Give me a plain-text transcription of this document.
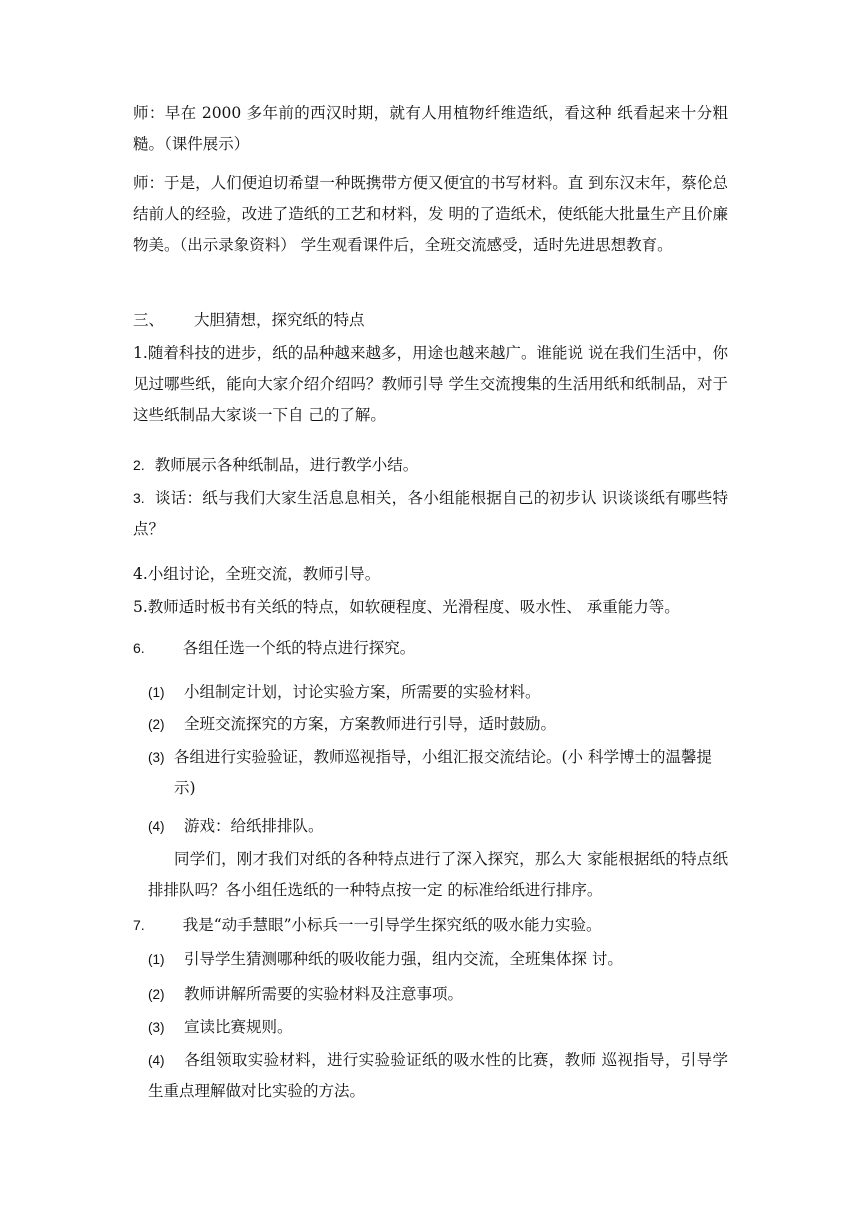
师：早在 2000 多年前的西汉时期，就有人用植物纤维造纸，看这种 纸看起来十分粗糙。（课件展示）

师：于是，人们便迫切希望一种既携带方便又便宜的书写材料。直 到东汉末年，蔡伦总结前人的经验，改进了造纸的工艺和材料，发 明的了造纸术，使纸能大批量生产且价廉物美。（出示录象资料） 学生观看课件后，全班交流感受，适时先进思想教育。

三、 大胆猜想，探究纸的特点

1.随着科技的进步，纸的品种越来越多，用途也越来越广。谁能说 说在我们生活中，你见过哪些纸，能向大家介绍介绍吗？教师引导 学生交流搜集的生活用纸和纸制品，对于这些纸制品大家谈一下自 己的了解。

2. 教师展示各种纸制品，进行教学小结。

3. 谈话：纸与我们大家生活息息相关，各小组能根据自己的初步认 识谈谈纸有哪些特点？

4.小组讨论，全班交流，教师引导。

5.教师适时板书有关纸的特点，如软硬程度、光滑程度、吸水性、 承重能力等。

6. 各组任选一个纸的特点进行探究。
(1) 小组制定计划，讨论实验方案，所需要的实验材料。
(2) 全班交流探究的方案，方案教师进行引导，适时鼓励。
(3) 各组进行实验验证，教师巡视指导，小组汇报交流结论。(小 科学博士的温馨提示)
(4) 游戏：给纸排排队。

同学们，刚才我们对纸的各种特点进行了深入探究，那么大 家能根据纸的特点纸排排队吗？各小组任选纸的一种特点按一定 的标准给纸进行排序。

7. 我是“动手慧眼”小标兵一一引导学生探究纸的吸水能力实验。
(1) 引导学生猜测哪种纸的吸收能力强，组内交流，全班集体探 讨。
(2) 教师讲解所需要的实验材料及注意事项。
(3) 宣读比赛规则。
(4) 各组领取实验材料，进行实验验证纸的吸水性的比赛，教师 巡视指导，引导学生重点理解做对比实验的方法。
